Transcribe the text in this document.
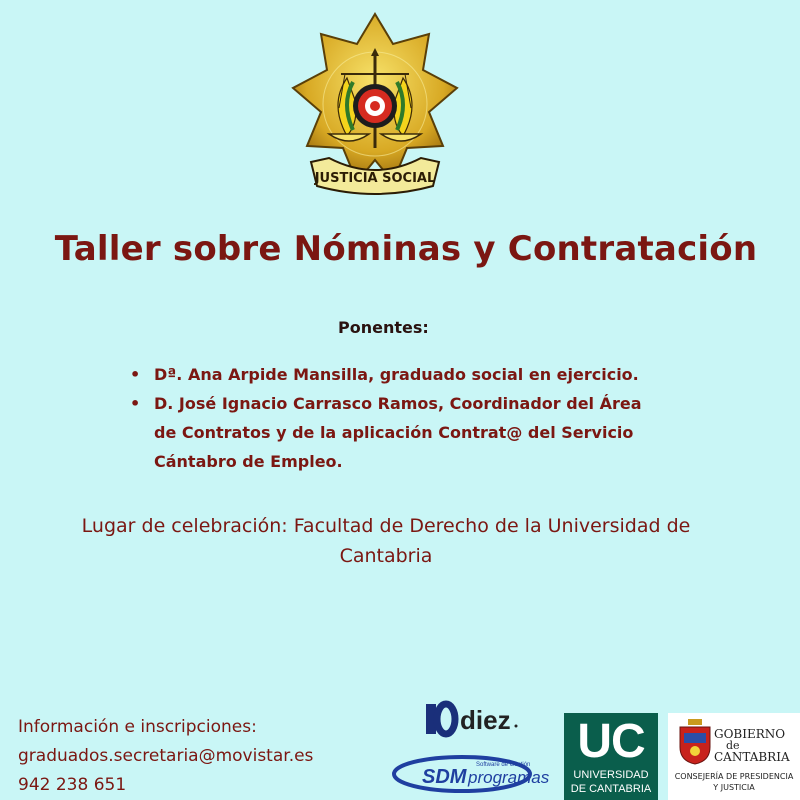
JUSTICIA SOCIAL
Taller sobre Nóminas y Contratación
Ponentes:
• Dª. Ana Arpide Mansilla, graduado social en ejercicio.
• D. José Ignacio Carrasco Ramos, Coordinador del Área
de Contratos y de la aplicación Contrat@ del Servicio
Cántabro de Empleo.
Lugar de celebración: Facultad de Derecho de la Universidad de
Cantabria
Información e inscripciones:
graduados.secretaria@movistar.es
942 238 651
diez
SDM programas
Software de Gestión UC
UNIVERSIDAD
DE CANTABRIA
GOBIERNO
de
CANTABRIA
CONSEJERÍA DE PRESIDENCIA
Y JUSTICIA
